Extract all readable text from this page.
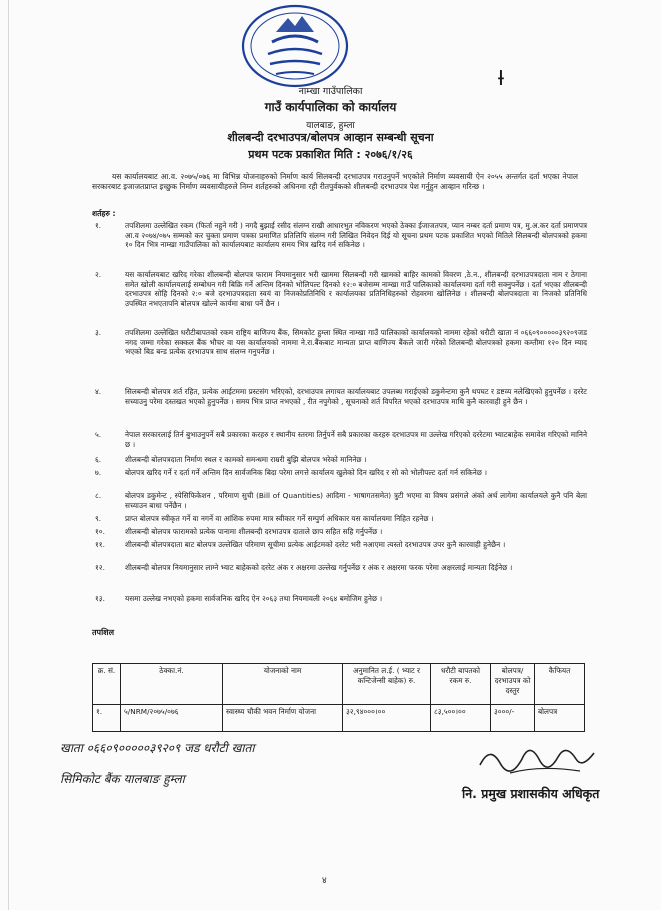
Ɨ
नाम्खा गाउँपालिका
गाउँ कार्यपालिका को कार्यालय
यालबाङ, हुम्ला
शीलबन्दी दरभाउपत्र/बोलपत्र आव्हान सम्बन्धी सूचना
प्रथम पटक प्रकाशित मिति : २०७६/१/२६
यस कार्यालयबाट आ.व. २०७५/०७६ मा विभिन्न योजनाहरुको निर्माण कार्य सिलबन्दी दरभाउपत्र गराउनुपर्ने भएकोले निर्माण व्यवसायी ऐन २०५५ अन्तर्गत दर्ता भएका नेपाल सरकारबाट इजाजतप्राप्त इच्छुक निर्माण व्यवसायीहरुले निम्न शर्तहरुको अधिनमा रही रीतपुर्वकको शीलबन्दी दरभाउपत्र पेश गर्नुहुन आव्हान गरिन्छ ।
शर्तहरु :
१.	तपशिलमा उल्लेखित रकम (फिर्ता नहुने गरी ) नगदै बुझाई रसीद संलग्न राखी आधारभुत नविकरण भएको ठेक्का ईजाजतपत्र, प्यान नम्बर दर्ता प्रमाण पत्र, मु.अ.कर दर्ता प्रमाणपत्र आ.व २०७४/०७५ सम्मको कर चुक्ता प्रमाण पत्रका प्रमाणित प्रतिलिपि संलग्न गरी लिखित निवेदन दिई यो सूचना प्रथम पटक प्रकाशित भएको मितिले सिलबन्दी बोलपत्रको हकमा १० दिन भित्र नाम्खा गाउँपालिका को कार्यालयबाट कार्यालय समय भित्र खरिद गर्न सकिनेछ ।
२.	यस कार्यालयबाट खरिद गरेका शीलबन्दी बोलपत्र फाराम नियमानुसार भरी खाममा सिलबन्दी गरी खामको बाहिर कामको विवरण ,ठे.न., शीलबन्दी दरभाउपत्रदाता नाम र ठेगाना समेत खोली कार्यालयलाई सम्बोधन गरी बिक्रि गर्ने अन्तिम दिनको भोलिपल्ट दिनको १२:० बजेसम्म नाम्खा गाउँ पालिकाको कार्यालयमा दर्ता गरी सक्नुपर्नेछ । दर्ता भएका शीलबन्दी दरभाउपत्र सोहि दिनको २:० बजे दरभाउपत्रदाता स्वयं वा निजकोप्रतिनिधि र कार्यालयका प्रतिनिधिहरुको रोहवरमा खोलिनेछ । शीलबन्दी बोलपत्रदाता वा निजको प्रतिनिधि उपस्थित नभएतापनि बोलपत्र खोल्ने कार्यमा बाधा पर्ने छैन ।
३.	तपशिलमा उल्लेखित धरौटीबापतको रकम राष्ट्रिय बाणिज्य बैंक, सिमकोट हुम्ला स्थित नाम्खा गाउँ पालिकाको कार्यालयको नाममा रहेको धरौटी खाता नं ०६६०९०००००३९२०९जड नगद जम्मा गरेका सक्कल बैंक भौचर वा यस कार्यालयको नाममा ने.रा.बैंकबाट मान्यता प्राप्त बाणिज्य बैंकले जारी गरेको शिलबन्दी बोलपत्रको हकमा कम्तीमा १२० दिन म्याद भएको बिड बन्ड प्रत्येक दरभाउपत्र साथ संलग्न गनुपर्नेछ ।
४.	सिलबन्दी बोलपत्र शर्त रहित, प्रत्येक आईटममा प्रस्टसंग भरिएको, दरभाउपत्र लगायत कार्यालयबाट उपलब्ध गराईएको डकुमेन्टमा कुनै थपघट र डष्टव्य नलेखिएको हुनुपर्नेछ । दररेट सच्याउनु परेमा दस्तखत भएको हुनुपर्नेछ । समय भित्र प्राप्त नभएको , रीत नपुगेको , सूचनाको शर्त विपरित भएको दरभाउपत्र माथि कुनै कारवाही हुने छैन ।
५.	नेपाल सरकारलाई तिर्न बुभाउनुपर्ने सबै प्रकारका करहरु र स्थानीय स्तरमा तिर्नुपर्ने सबै प्रकारका करहरु दरभाउपत्र मा उल्लेख गरिएको दररेटमा भ्याटबाहेक समावेश गरिएको मानिने छ ।
६.	शीलबन्दी बोलपत्रदाता निर्माण स्थल र कामको समन्धमा राम्ररी बुझि बोलपत्र भरेको मानिनेछ ।
७.	बोलपत्र खरिद गर्ने र दर्ता गर्ने अन्तिम दिन सार्वजनिक बिदा परेमा लगत्ते कार्यालय खुलेको दिन खरिद र सो को भोलीपल्ट दर्ता गर्न सकिनेछ ।
८.	बोलपत्र डकुमेन्ट , स्पेसिफिकेशन , परिमाण सुची (Bill of Quantities) आदिमा - भाषागतसमेत) त्रुटी भएमा वा विषय प्रसंगले अंको अर्थ लागेमा कार्यालयले कुनै पनि बेला सच्याउन बाधा पर्नेछैन ।
९.	प्राप्त बोलपत्र स्वीकृत गर्ने वा नगर्ने वा आंशिक रुपमा मात्र स्वीकार गर्ने सम्पुर्ण अधिकार यस कार्यालयमा निहित रहनेछ ।
१०.	शीलबन्दी बोलपत्र फारामको प्रत्येक पानामा शीलबन्दी दरभाउपत्र दाताले छाप सहित सहि गर्नुपर्नेछ ।
११.	शीलबन्दी बोलपत्रदाता बाट बोलपत्र उल्लेखित परिमाण सूचीमा प्रत्येक आईटमको दररेट भरी नआएमा त्यस्तो दरभाउपत्र उपर कुनै कारवाही हुनेछैन ।
१२.	शीलबन्दी बोलपत्र नियमानुसार लाग्ने भ्याट बाहेकको दररेट अंक र अक्षरमा उल्लेख गर्नुपर्नेछ र अंक र अक्षरमा फरक परेमा अक्षरलाई मान्यता दिईनेछ ।
१३.	यसमा उल्लेख नभएको हकमा सार्वजनिक खरिद ऐन २०६३ तथा नियमावली २०६४ बमोजिम हुनेछ ।
तपशिल
क्र. सं.	ठेक्का.नं.	योजनाको नाम	अनुमानित ल.ई. ( भ्याट र कन्टिजेन्सी बाहेक) रु.	धरौटी बापतको रकम रु.	बोलपत्र/ दरभाउपत्र को दस्तुर	कैफियत
१.	५/NRM/२०७५/०७६	स्वास्थ्य चौकी भवन निर्माण योजना	३२,९४०००।००	८३,५००।००	३०००/-	बोलपत्र
खाता ०६६०९०००००३९२०९ जड धरौटी खाता
सिमिकोट बैंक यालबाङ हुम्ला
नि. प्रमुख प्रशासकीय अधिकृत
४
